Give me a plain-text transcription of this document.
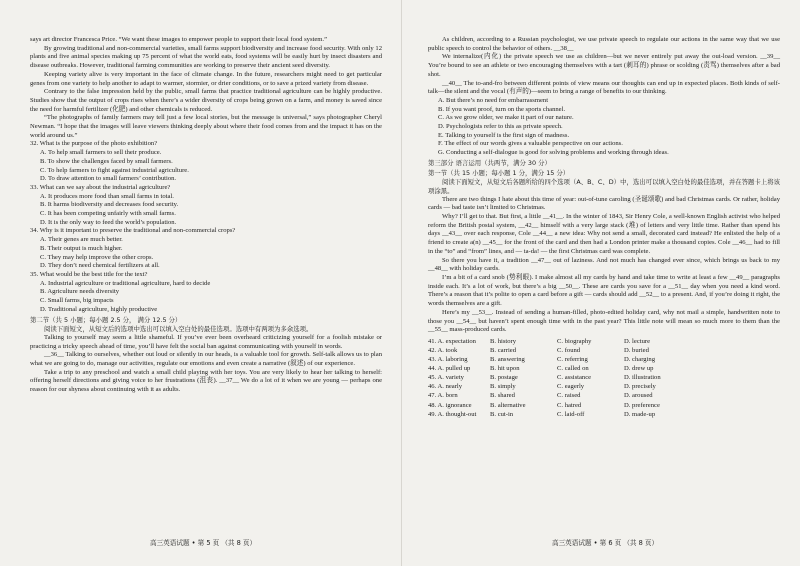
says art director Francesca Price. “We want these images to empower people to support their local food system.”

By growing traditional and non-commercial varieties, small farms support biodiversity and increase food security. With only 12 plants and five animal species making up 75 percent of what the world eats, food systems will be easily hurt by insect disasters and disease outbreaks. However, traditional farming communities are working to preserve their ancient seed diversity.

Keeping variety alive is very important in the face of climate change. In the future, researchers might need to get particular genes from one variety to help another to adapt to warmer, stormier, or drier conditions, or to save a prized variety from disease.

Contrary to the false impression held by the public, small farms that practice traditional agriculture can be highly productive. Studies show that the output of crops rises when there’s a wider diversity of crops being grown on a farm, and money is saved since the need for harmful fertilizer (化肥) and other chemicals is reduced.

“The photographs of family farmers may tell just a few local stories, but the message is universal,” says photographer Cheryl Newman. “I hope that the images will leave viewers thinking deeply about where their food comes from and the impact it has on the world around us.”

32. What is the purpose of the photo exhibition?

A. To help small farmers to sell their produce.

B. To show the challenges faced by small farmers.

C. To help farmers to fight against industrial agriculture.

D. To draw attention to small farmers’ contribution.

33. What can we say about the industrial agriculture?

A. It produces more food than small farms in total.

B. It harms biodiversity and decreases food security.

C. It has been competing unfairly with small farms.

D. It is the only way to feed the world’s population.

34. Why is it important to preserve the traditional and non-commercial crops?

A. Their genes are much better.

B. Their output is much higher.

C. They may help improve the other crops.

D. They don’t need chemical fertilizers at all.

35. What would be the best title for the text?

A. Industrial agriculture or traditional agriculture, hard to decide

B. Agriculture needs diversity

C. Small farms, big impacts

D. Traditional agriculture, highly productive

第二节（共 5 小题；每小题 2.5 分， 满分 12.5 分）

阅读下面短文，从短文后的选项中选出可以填入空白处的最佳选项。选项中有两项为多余选项。

Talking to yourself may seem a little shameful. If you’ve ever been overheard criticizing yourself for a foolish mistake or practicing a tricky speech ahead of time, you’ll have felt the social ban against communicating with yourself in words.

__36__ Talking to ourselves, whether out loud or silently in our heads, is a valuable tool for growth. Self-talk allows us to plan what we are going to do, manage our activities, regulate our emotions and even create a narrative (叙述) of our experience.

Take a trip to any preschool and watch a small child playing with her toys. You are very likely to hear her talking to herself: offering herself directions and giving voice to her frustrations (沮丧). __37__ We do a lot of it when we are young — perhaps one reason for our shyness about continuing with it as adults.

高三英语试题 • 第 5 页 （共 8 页）

As children, according to a Russian psychologist, we use private speech to regulate our actions in the same way that we use public speech to control the behavior of others. __38__

We internalize(内化) the private speech we use as children—but we never entirely put away the out-load version. __39__ You’re bound to see an athlete or two encouraging themselves with a tart (刺耳的) phrase or scolding (责骂) themselves after a bad shot.

__40__ The to-and-fro between different points of view means our thoughts can end up in expected places. Both kinds of self-talk—the silent and the vocal (有声的)—seem to bring a range of benefits to our thinking.

A. But there’s no need for embarrassment

B. If you want proof, turn on the sports channel.

C. As we grow older, we make it part of our nature.

D. Psychologists refer to this as private speech.

E. Talking to yourself is the first sign of madness.

F. The effect of our words gives a valuable perspective on our actions.

G. Conducting a self-dialogue is good for solving problems and working through ideas.

第三部分 语言运用（共两节，满分 30 分）

第一节（共 15 小题；每小题 1 分，满分 15 分）

阅读下面短文，从短文后各题所给的四个选项（A、B、C、D）中，选出可以填入空白处的最佳选项，并在答题卡上将该项涂黑。

There are two things I hate about this time of year: out-of-tune caroling (圣诞颂歌) and bad Christmas cards. Or rather, holiday cards — bad taste isn’t limited to Christmas.

Why? I’ll get to that. But first, a little __41__. In the winter of 1843, Sir Henry Cole, a well-known English activist who helped reform the British postal system, __42__ himself with a very large stack (堆) of letters and very little time. Rather than spend his days __43__ over each response, Cole __44__ a new idea: Why not send a small, decorated card instead? He enlisted the help of a friend to create a(n) __45__ for the front of the card and then had a London printer make a thousand copies. Cole __46__ had to fill in the “to” and “from” lines, and — ta-da! — the first Christmas card was complete.

So there you have it, a tradition __47__ out of laziness. And not much has changed ever since, which brings us back to my __48__ with holiday cards.

I’m a bit of a card snob (势利眼). I make almost all my cards by hand and take time to write at least a few __49__ paragraphs inside each. It’s a lot of work, but there’s a big __50__. These are cards you save for a __51__ day when you need a kind word. There’s a reason that it’s polite to open a card before a gift — cards should add __52__ to a present. And, if you’re doing it right, the words themselves are a gift.

Here’s my __53__. Instead of sending a human-filled, photo-edited holiday card, why not mail a simple, handwritten note to those you __54__ but haven’t spent enough time with in the past year? This little note will mean so much more to them than the __55__ mass-produced cards.

41. A. expectation	B. history	C. biography	D. lecture
42. A. took	B. carried	C. found	D. buried
43. A. laboring	B. answering	C. referring	D. charging
44. A. pulled up	B. hit upon	C. called on	D. drew up
45. A. variety	B. postage	C. assistance	D. illustration
46. A. nearly	B. simply	C. eagerly	D. precisely
47. A. born	B. shared	C. raised	D. aroused
48. A. ignorance	B. alternative	C. hatred	D. preference
49. A. thought-out	B. cut-in	C. laid-off	D. made-up
高三英语试题 • 第 6 页 （共 8 页）
